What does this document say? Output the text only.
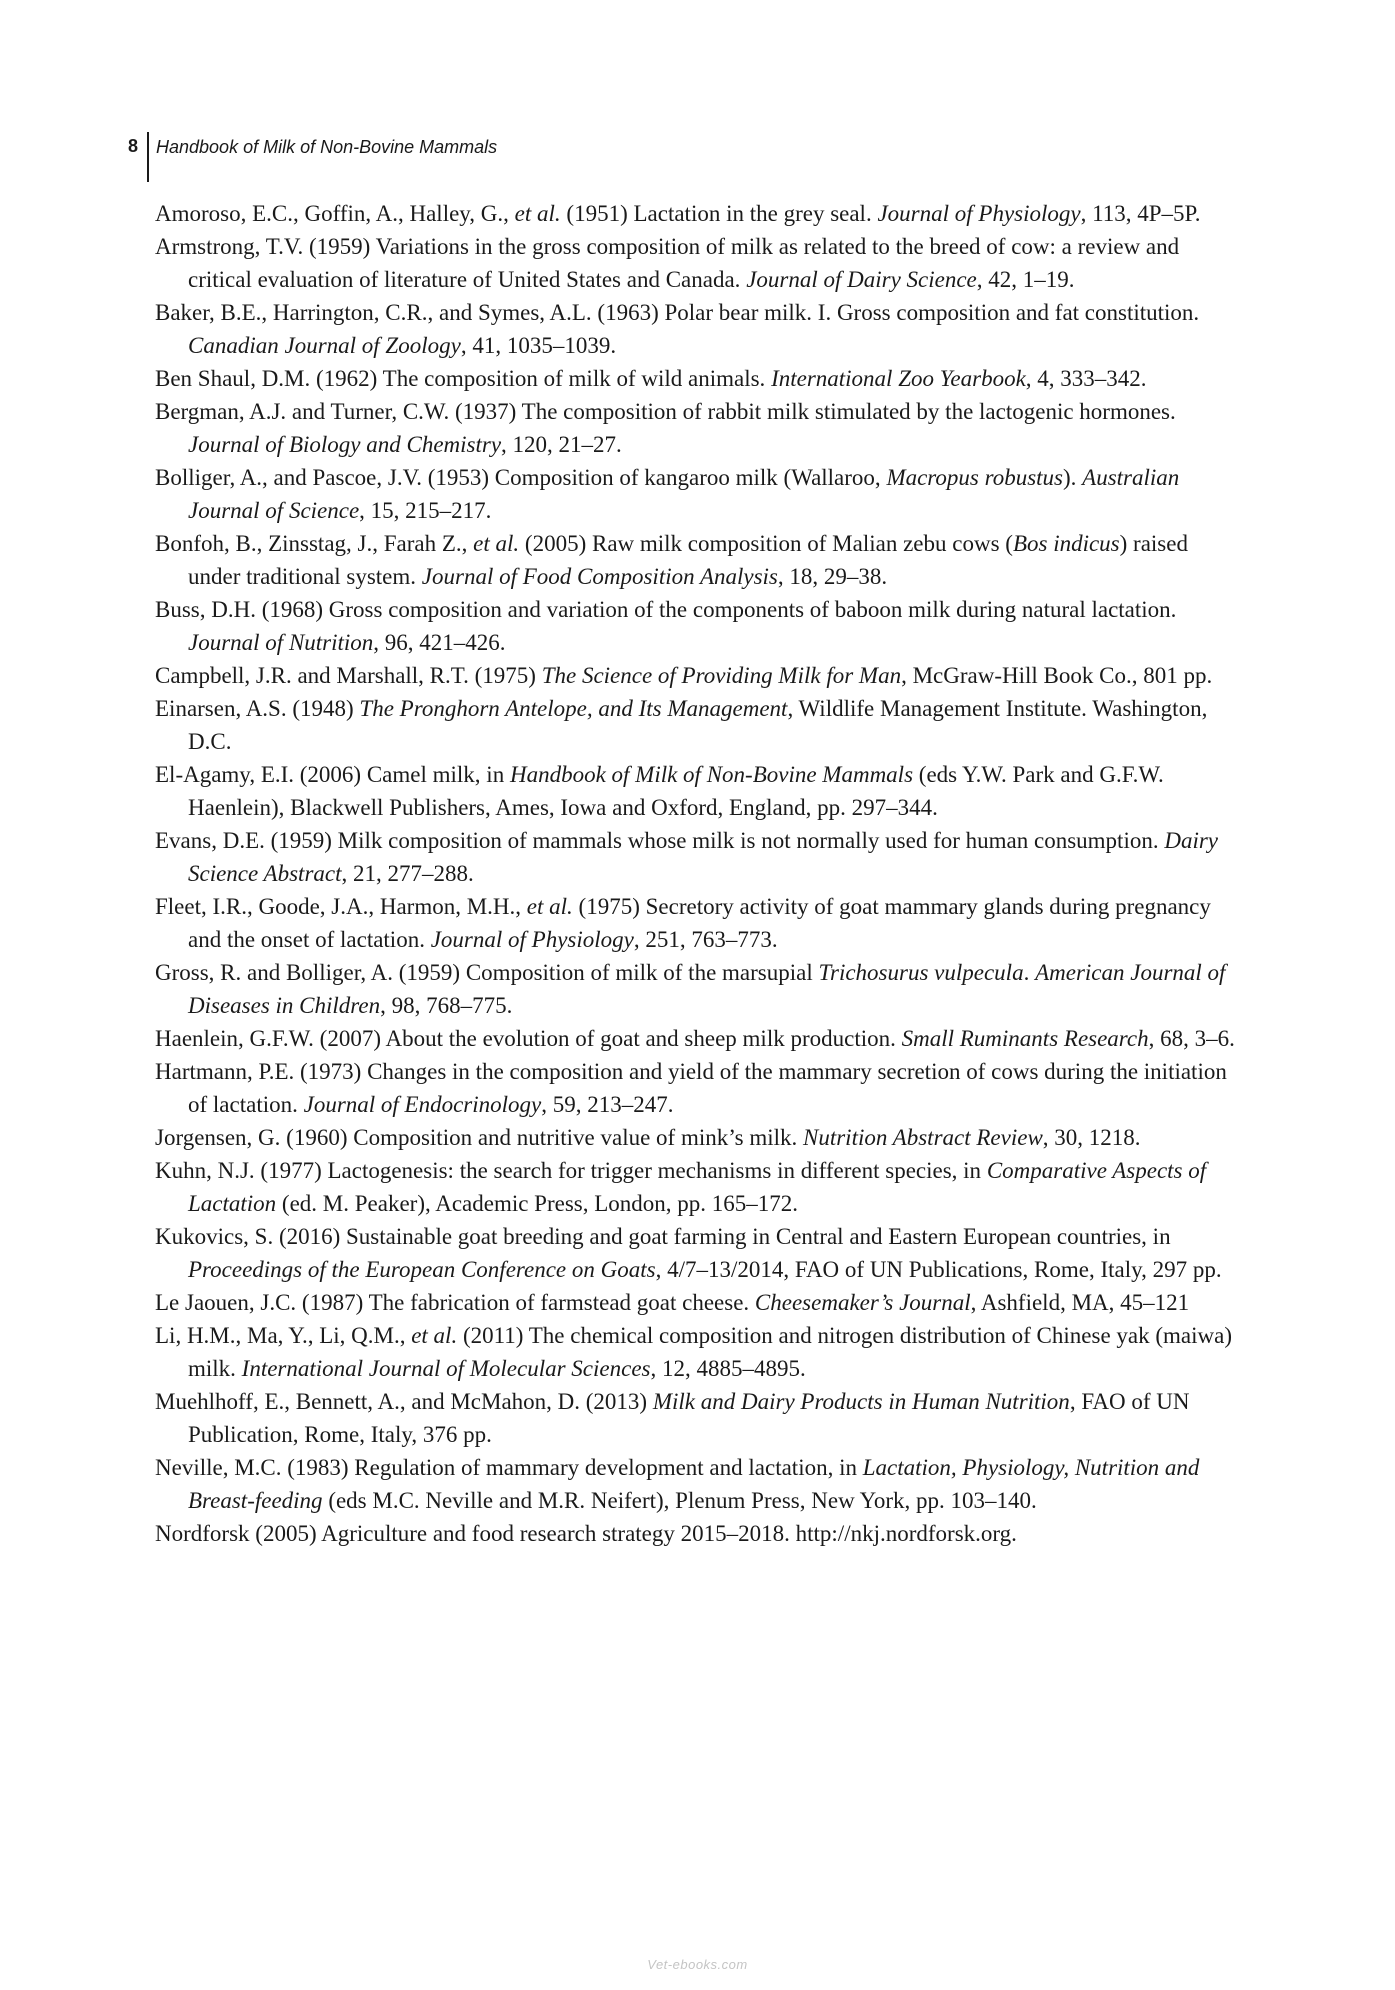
8 Handbook of Milk of Non-Bovine Mammals

Amoroso, E.C., Goffin, A., Halley, G., et al. (1951) Lactation in the grey seal. Journal of Physiology, 113, 4P–5P.

Armstrong, T.V. (1959) Variations in the gross composition of milk as related to the breed of cow: a review and critical evaluation of literature of United States and Canada. Journal of Dairy Science, 42, 1–19.

Baker, B.E., Harrington, C.R., and Symes, A.L. (1963) Polar bear milk. I. Gross composition and fat constitution. Canadian Journal of Zoology, 41, 1035–1039.

Ben Shaul, D.M. (1962) The composition of milk of wild animals. International Zoo Yearbook, 4, 333–342.

Bergman, A.J. and Turner, C.W. (1937) The composition of rabbit milk stimulated by the lactogenic hormones. Journal of Biology and Chemistry, 120, 21–27.

Bolliger, A., and Pascoe, J.V. (1953) Composition of kangaroo milk (Wallaroo, Macropus robustus). Australian Journal of Science, 15, 215–217.

Bonfoh, B., Zinsstag, J., Farah Z., et al. (2005) Raw milk composition of Malian zebu cows (Bos indicus) raised under traditional system. Journal of Food Composition Analysis, 18, 29–38.

Buss, D.H. (1968) Gross composition and variation of the components of baboon milk during natural lactation. Journal of Nutrition, 96, 421–426.

Campbell, J.R. and Marshall, R.T. (1975) The Science of Providing Milk for Man, McGraw-Hill Book Co., 801 pp.

Einarsen, A.S. (1948) The Pronghorn Antelope, and Its Management, Wildlife Management Institute. Washington, D.C.

El-Agamy, E.I. (2006) Camel milk, in Handbook of Milk of Non-Bovine Mammals (eds Y.W. Park and G.F.W. Haenlein), Blackwell Publishers, Ames, Iowa and Oxford, England, pp. 297–344.

Evans, D.E. (1959) Milk composition of mammals whose milk is not normally used for human consumption. Dairy Science Abstract, 21, 277–288.

Fleet, I.R., Goode, J.A., Harmon, M.H., et al. (1975) Secretory activity of goat mammary glands during pregnancy and the onset of lactation. Journal of Physiology, 251, 763–773.

Gross, R. and Bolliger, A. (1959) Composition of milk of the marsupial Trichosurus vulpecula. American Journal of Diseases in Children, 98, 768–775.

Haenlein, G.F.W. (2007) About the evolution of goat and sheep milk production. Small Ruminants Research, 68, 3–6.

Hartmann, P.E. (1973) Changes in the composition and yield of the mammary secretion of cows during the initiation of lactation. Journal of Endocrinology, 59, 213–247.

Jorgensen, G. (1960) Composition and nutritive value of mink’s milk. Nutrition Abstract Review, 30, 1218.

Kuhn, N.J. (1977) Lactogenesis: the search for trigger mechanisms in different species, in Comparative Aspects of Lactation (ed. M. Peaker), Academic Press, London, pp. 165–172.

Kukovics, S. (2016) Sustainable goat breeding and goat farming in Central and Eastern European countries, in Proceedings of the European Conference on Goats, 4/7–13/2014, FAO of UN Publications, Rome, Italy, 297 pp.

Le Jaouen, J.C. (1987) The fabrication of farmstead goat cheese. Cheesemaker’s Journal, Ashfield, MA, 45–121

Li, H.M., Ma, Y., Li, Q.M., et al. (2011) The chemical composition and nitrogen distribution of Chinese yak (maiwa) milk. International Journal of Molecular Sciences, 12, 4885–4895.

Muehlhoff, E., Bennett, A., and McMahon, D. (2013) Milk and Dairy Products in Human Nutrition, FAO of UN Publication, Rome, Italy, 376 pp.

Neville, M.C. (1983) Regulation of mammary development and lactation, in Lactation, Physiology, Nutrition and Breast-feeding (eds M.C. Neville and M.R. Neifert), Plenum Press, New York, pp. 103–140.

Nordforsk (2005) Agriculture and food research strategy 2015–2018. http://nkj.nordforsk.org.

Vet-ebooks.com
